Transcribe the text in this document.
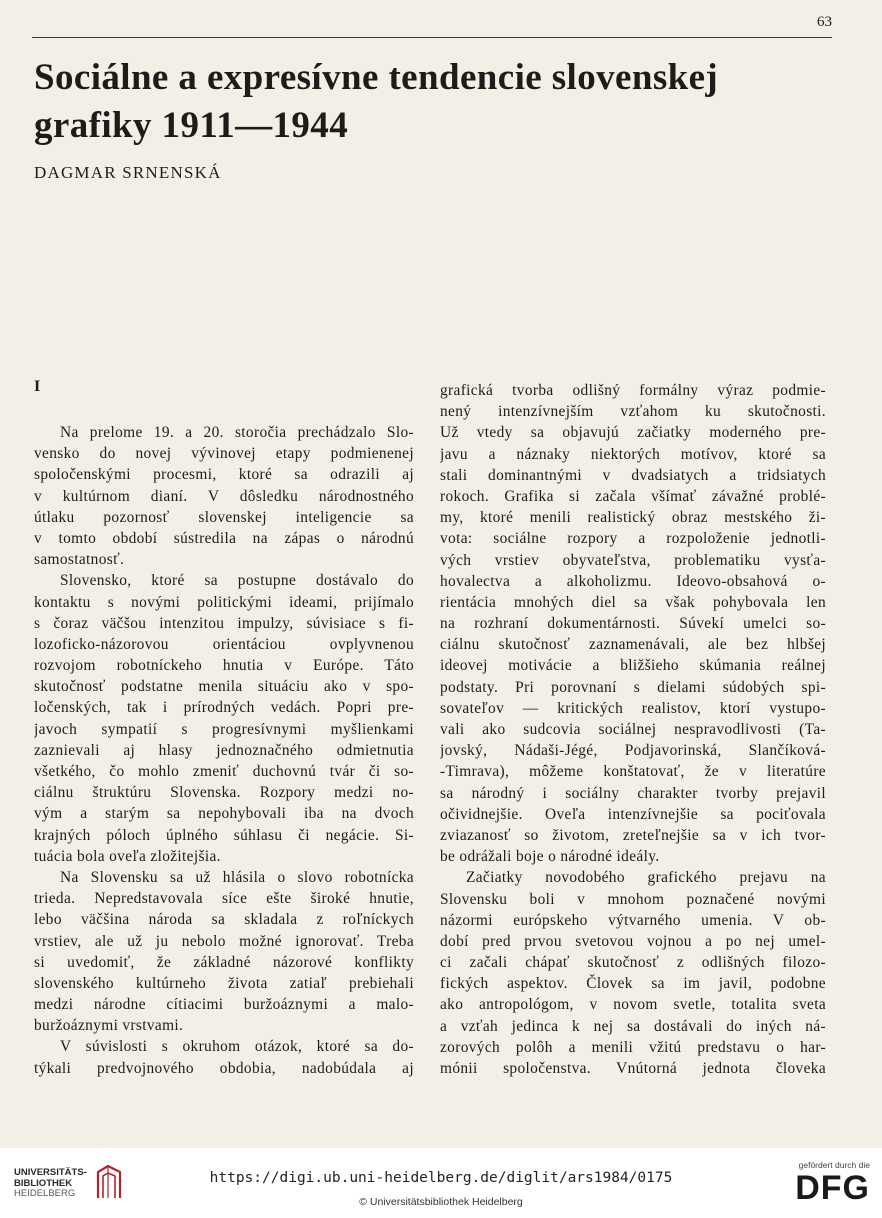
63
Sociálne a expresívne tendencie slovenskej
grafiky 1911—1944
DAGMAR SRNENSKÁ
I
Na prelome 19. a 20. storočia prechádzalo Slo-
vensko do novej vývinovej etapy podmienenej
spoločenskými procesmi, ktoré sa odrazili aj
v kultúrnom dianí. V dôsledku národnostného
útlaku pozornosť slovenskej inteligencie sa
v tomto období sústredila na zápas o národnú
samostatnosť.
Slovensko, ktoré sa postupne dostávalo do
kontaktu s novými politickými ideami, prijímalo
s čoraz väčšou intenzitou impulzy, súvisiace s fi-
lozoficko-názorovou orientáciou ovplyvnenou
rozvojom robotníckeho hnutia v Európe. Táto
skutočnosť podstatne menila situáciu ako v spo-
ločenských, tak i prírodných vedách. Popri pre-
javoch sympatií s progresívnymi myšlienkami
zaznievali aj hlasy jednoznačného odmietnutia
všetkého, čo mohlo zmeniť duchovnú tvár či so-
ciálnu štruktúru Slovenska. Rozpory medzi no-
vým a starým sa nepohybovali iba na dvoch
krajných póloch úplného súhlasu či negácie. Si-
tuácia bola oveľa zložitejšia.
Na Slovensku sa už hlásila o slovo robotnícka
trieda. Nepredstavovala síce ešte široké hnutie,
lebo väčšina národa sa skladala z roľníckych
vrstiev, ale už ju nebolo možné ignorovať. Treba
si uvedomiť, že základné názorové konflikty
slovenského kultúrneho života zatiaľ prebiehali
medzi národne cítiacimi buržoáznymi a malo-
buržoáznymi vrstvami.
V súvislosti s okruhom otázok, ktoré sa do-
týkali predvojnového obdobia, nadobúdala aj
grafická tvorba odlišný formálny výraz podmie-
nený intenzívnejším vzťahom ku skutočnosti.
Už vtedy sa objavujú začiatky moderného pre-
javu a náznaky niektorých motívov, ktoré sa
stali dominantnými v dvadsiatych a tridsiatych
rokoch. Grafika si začala všímať závažné problé-
my, ktoré menili realistický obraz mestského ži-
vota: sociálne rozpory a rozpoloženie jednotli-
vých vrstiev obyvateľstva, problematiku vysťa-
hovalectva a alkoholizmu. Ideovo-obsahová o-
rientácia mnohých diel sa však pohybovala len
na rozhraní dokumentárnosti. Súvekí umelci so-
ciálnu skutočnosť zaznamenávali, ale bez hlbšej
ideovej motivácie a bližšieho skúmania reálnej
podstaty. Pri porovnaní s dielami súdobých spi-
sovateľov — kritických realistov, ktorí vystupo-
vali ako sudcovia sociálnej nespravodlivosti (Ta-
jovský, Nádaši-Jégé, Podjavorinská, Slančíková-
-Timrava), môžeme konštatovať, že v literatúre
sa národný i sociálny charakter tvorby prejavil
očividnejšie. Oveľa intenzívnejšie sa pociťovala
zviazanosť so životom, zreteľnejšie sa v ich tvor-
be odrážali boje o národné ideály.
Začiatky novodobého grafického prejavu na
Slovensku boli v mnohom poznačené novými
názormi európskeho výtvarného umenia. V ob-
dobí pred prvou svetovou vojnou a po nej umel-
ci začali chápať skutočnosť z odlišných filozo-
fických aspektov. Človek sa im javil, podobne
ako antropológom, v novom svetle, totalita sveta
a vzťah jedinca k nej sa dostávali do iných ná-
zorových polôh a menili vžitú predstavu o har-
mónii spoločenstva. Vnútorná jednota človeka
UNIVERSITÄTS-
BIBLIOTHEK
HEIDELBERG
https://digi.ub.uni-heidelberg.de/diglit/ars1984/0175
© Universitätsbibliothek Heidelberg
gefördert durch die
DFG
